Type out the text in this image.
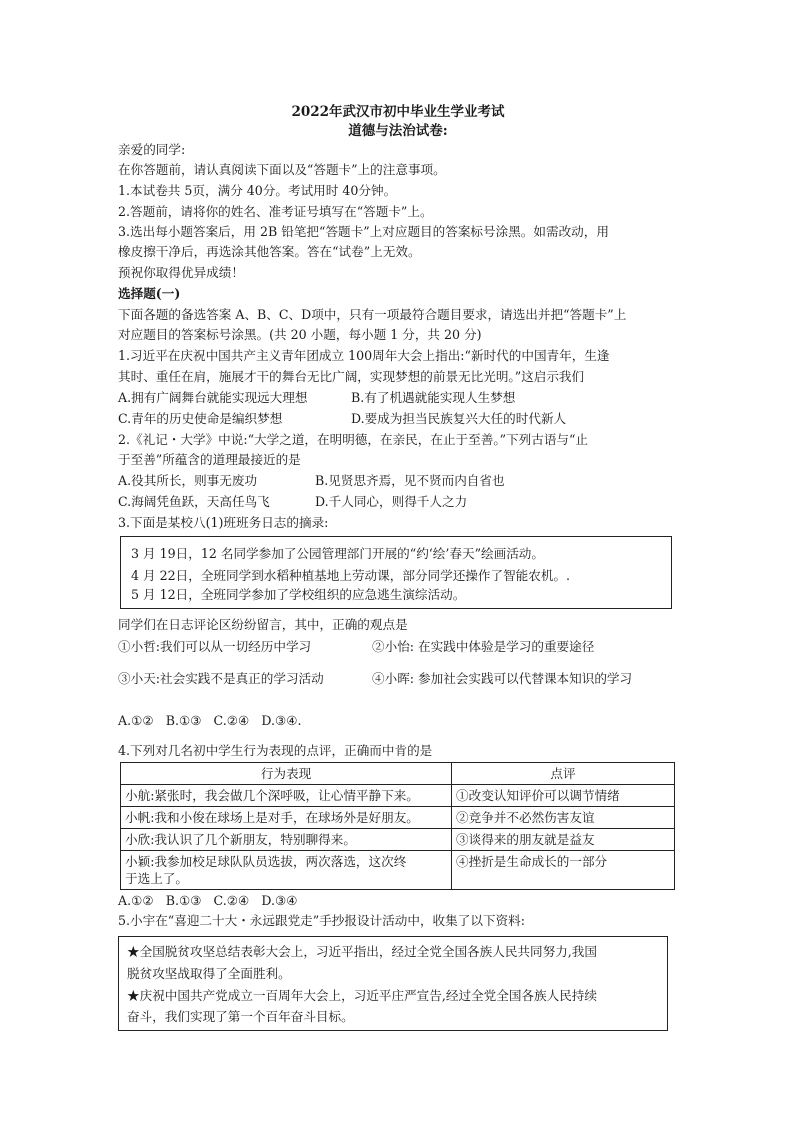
2022年武汉市初中毕业生学业考试
道德与法治试卷:
亲爱的同学:
在你答题前，请认真阅读下面以及“答题卡”上的注意事项。
1.本试卷共 5页，满分 40分。考试用时 40分钟。
2.答题前，请将你的姓名、准考证号填写在“答题卡”上。
3.选出每小题答案后，用 2B 铅笔把“答题卡”上对应题目的答案标号涂黑。如需改动，用
橡皮擦干净后，再选涂其他答案。答在“试卷”上无效。
预祝你取得优异成绩！
选择题(一)
下面各题的备选答案 A、B、C、D项中，只有一项最符合题目要求，请选出并把“答题卡”上
对应题目的答案标号涂黑。(共 20 小题，每小题 1 分，共 20 分)
1.习近平在庆祝中国共产主义青年团成立 100周年大会上指出:“新时代的中国青年，生逢
其时、重任在肩，施展才干的舞台无比广阔，实现梦想的前景无比光明。”这启示我们
A.拥有广阔舞台就能实现远大理想	B.有了机遇就能实现人生梦想
C.青年的历史使命是编织梦想	D.要成为担当民族复兴大任的时代新人
2.《礼记・大学》中说:“大学之道，在明明德，在亲民，在止于至善。”下列古语与“止
于至善”所蕴含的道理最接近的是
A.役其所长，则事无废功	B.见贤思齐焉，见不贤而内自省也
C.海阔凭鱼跃，天高任鸟飞	D.千人同心，则得千人之力
3.下面是某校八(1)班班务日志的摘录:
3 月 19日，12 名同学参加了公园管理部门开展的“约‘绘’春天”绘画活动。
4 月 22日，全班同学到水稻种植基地上劳动课，部分同学还操作了智能农机。.
5 月 12日，全班同学参加了学校组织的应急逃生演综活动。
同学们在日志评论区纷纷留言，其中，正确的观点是
①小哲:我们可以从一切经历中学习	②小怡: 在实践中体验是学习的重要途径
③小天:社会实践不是真正的学习活动	④小晖: 参加社会实践可以代替课本知识的学习
A.①②   B.①③   C.②④   D.③④.
4.下列对几名初中学生行为表现的点评，正确而中肯的是
行为表现	点评
小航:紧张时，我会做几个深呼吸，让心情平静下来。	①改变认知评价可以调节情绪
小帆:我和小俊在球场上是对手，在球场外是好朋友。	②竞争并不必然伤害友谊
小欣:我认识了几个新朋友，特别聊得来。	③谈得来的朋友就是益友
小颖:我参加校足球队队员选拔，两次落选，这次终
于选上了。	④挫折是生命成长的一部分
A.①②   B.①③   C.②④   D.③④
5.小宇在“喜迎二十大・永远跟党走”手抄报设计活动中，收集了以下资料:
★全国脱贫攻坚总结表彰大会上，习近平指出，经过全党全国各族人民共同努力,我国
脱贫攻坚战取得了全面胜利。
★庆祝中国共产党成立一百周年大会上，习近平庄严宣告,经过全党全国各族人民持续
奋斗，我们实现了第一个百年奋斗目标。
